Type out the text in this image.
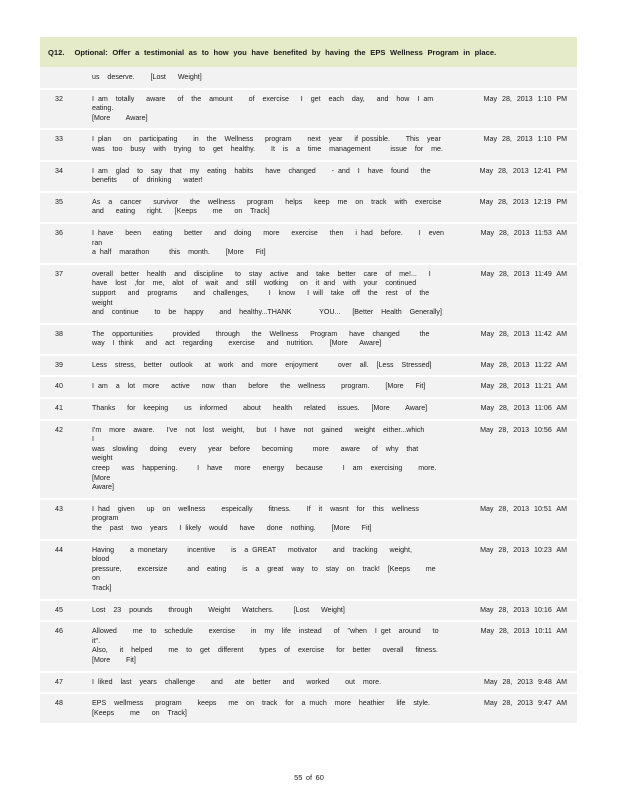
Q12. Optional: Offer a testimonial as to how you have benefited by having the EPS Wellness Program in place.
us  deserve.    [Lost   Weight]
32	I am  totally   aware   of  the  amount    of  exercise   I  get  each  day,   and  how  I am  eating.
[More    Aware]
May 28, 2013 1:10 PM
33	I plan   on  participating    in  the  Wellness   program    next  year   if possible.    This  year
was  too  busy  with  trying  to  get  healthy.    It  is  a  time  management     issue  for  me.
May 28, 2013 1:10 PM
34	I am  glad  to  say  that  my  eating  habits   have  changed    - and  I  have  found   the
benefits    of  drinking   water!
May 28, 2013 12:41 PM
35	As  a  cancer   survivor   the  wellness   program   helps   keep  me  on  track  with  exercise
and   eating   right.   [Keeps    me   on  Track]
May 28, 2013 12:19 PM
36	I have   been   eating   better   and  doing   more   exercise   then   i had  before.    I  even  ran
a half  marathon     this  month.    [More   Fit]
May 28, 2013 11:53 AM
37	overall  better  health  and  discipline   to  stay  active  and  take  better  care  of  me!...   I
have  lost  ,for  me,  alot  of  wait  and  still  wotking   on  it and  with  your  continued
support   and  programs    and  challenges,     I  know   I will  take  off  the  rest  of  the  weight
and  continue    to  be  happy    and  healthy...THANK       YOU...   [Better  Health  Generally]
May 28, 2013 11:49 AM
38	The  opportunities     provided    through   the  Wellness   Program   have  changed     the
way  I think   and  act  regarding    exercise   and  nutrition.    [More   Aware]
May 28, 2013 11:42 AM
39	Less  stress,  better  outlook   at  work  and  more  enjoyment     over  all.  [Less  Stressed]	May 28, 2013 11:22 AM
40	I am  a  lot  more   active   now  than   before   the  wellness    program.    [More   Fit]	May 28, 2013 11:21 AM
41	Thanks   for  keeping    us  informed    about   health   related   issues.   [More    Aware]	May 28, 2013 11:06 AM
42	I'm  more  aware.   I've  not  lost  weight,   but  I have  not  gained   weight  either...which     I
was  slowling   doing   every   year  before   becoming     more   aware   of  why  that  weight
creep   was  happening.     I  have   more   energy   because     I  am  exercising    more.   [More
Aware]
May 28, 2013 10:56 AM
43	I had  given   up  on  wellness    espeically    fitness.    If  it  wasnt  for  this  wellness   program
the  past  two  years   I likely  would   have   done  nothing.    [More   Fit]
May 28, 2013 10:51 AM
44	Having    a monetary     incentive    is  a GREAT   motivator    and  tracking   weight,    blood
pressure,    excersize     and  eating    is  a  great  way  to  stay  on  track!  [Keeps    me   on
Track]
May 28, 2013 10:23 AM
45	Lost  23  pounds    through    Weight   Watchers.     [Lost   Weight]	May 28, 2013 10:16 AM
46	Allowed    me  to  schedule    exercise    in  my  life  instead   of  "when  I get  around   to  it".
Also,   it  helped    me  to  get  different    types  of  exercise   for  better   overall   fitness.
[More    Fit]
May 28, 2013 10:11 AM
47	I liked  last  years  challenge    and   ate  better   and   worked    out  more.	May 28, 2013 9:48 AM
48	EPS  wellmess   program    keeps   me  on  track  for  a much  more  heathier   life  style.
[Keeps    me   on  Track]
May 28, 2013 9:47 AM
55 of 60
